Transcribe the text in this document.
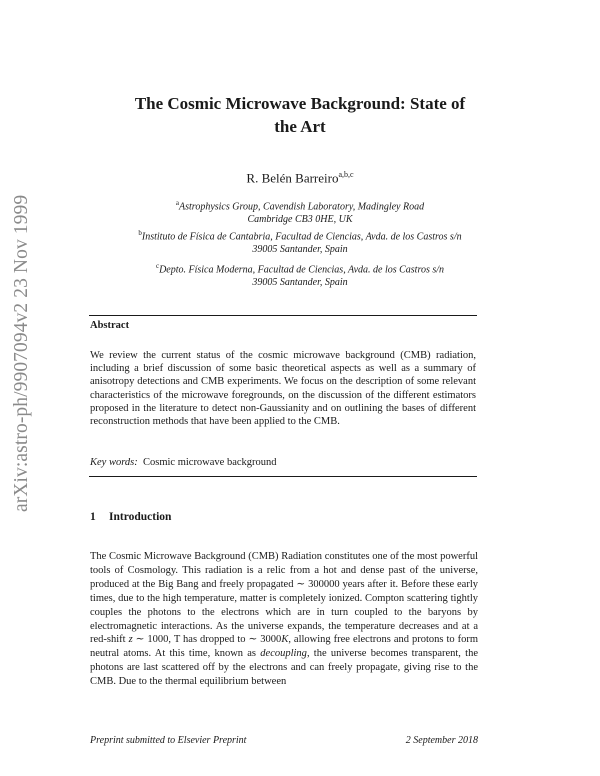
arXiv:astro-ph/9907094v2 23 Nov 1999
The Cosmic Microwave Background: State of
the Art
R. Belén Barreiro$^{a,b,c}$
$^a$Astrophysics Group, Cavendish Laboratory, Madingley Road
Cambridge CB3 0HE, UK
$^b$Instituto de Física de Cantabria, Facultad de Ciencias, Avda. de los Castros s/n
39005 Santander, Spain
$^c$Depto. Física Moderna, Facultad de Ciencias, Avda. de los Castros s/n
39005 Santander, Spain
Abstract
We review the current status of the cosmic microwave background (CMB) radiation, including a brief discussion of some basic theoretical aspects as well as a summary of anisotropy detections and CMB experiments. We focus on the description of some relevant characteristics of the microwave foregrounds, on the discussion of the different estimators proposed in the literature to detect non-Gaussianity and on outlining the bases of different reconstruction methods that have been applied to the CMB.
Key words: Cosmic microwave background
1 Introduction
The Cosmic Microwave Background (CMB) Radiation constitutes one of the most powerful tools of Cosmology. This radiation is a relic from a hot and dense past of the universe, produced at the Big Bang and freely propagated ∼ 300000 years after it. Before these early times, due to the high temperature, matter is completely ionized. Compton scattering tightly couples the photons to the electrons which are in turn coupled to the baryons by electromagnetic interactions. As the universe expands, the temperature decreases and at a red-shift z ∼ 1000, T has dropped to ∼ 3000K, allowing free electrons and protons to form neutral atoms. At this time, known as decoupling, the universe becomes transparent, the photons are last scattered off by the electrons and can freely propagate, giving rise to the CMB. Due to the thermal equilibrium between
Preprint submitted to Elsevier Preprint	2 September 2018
